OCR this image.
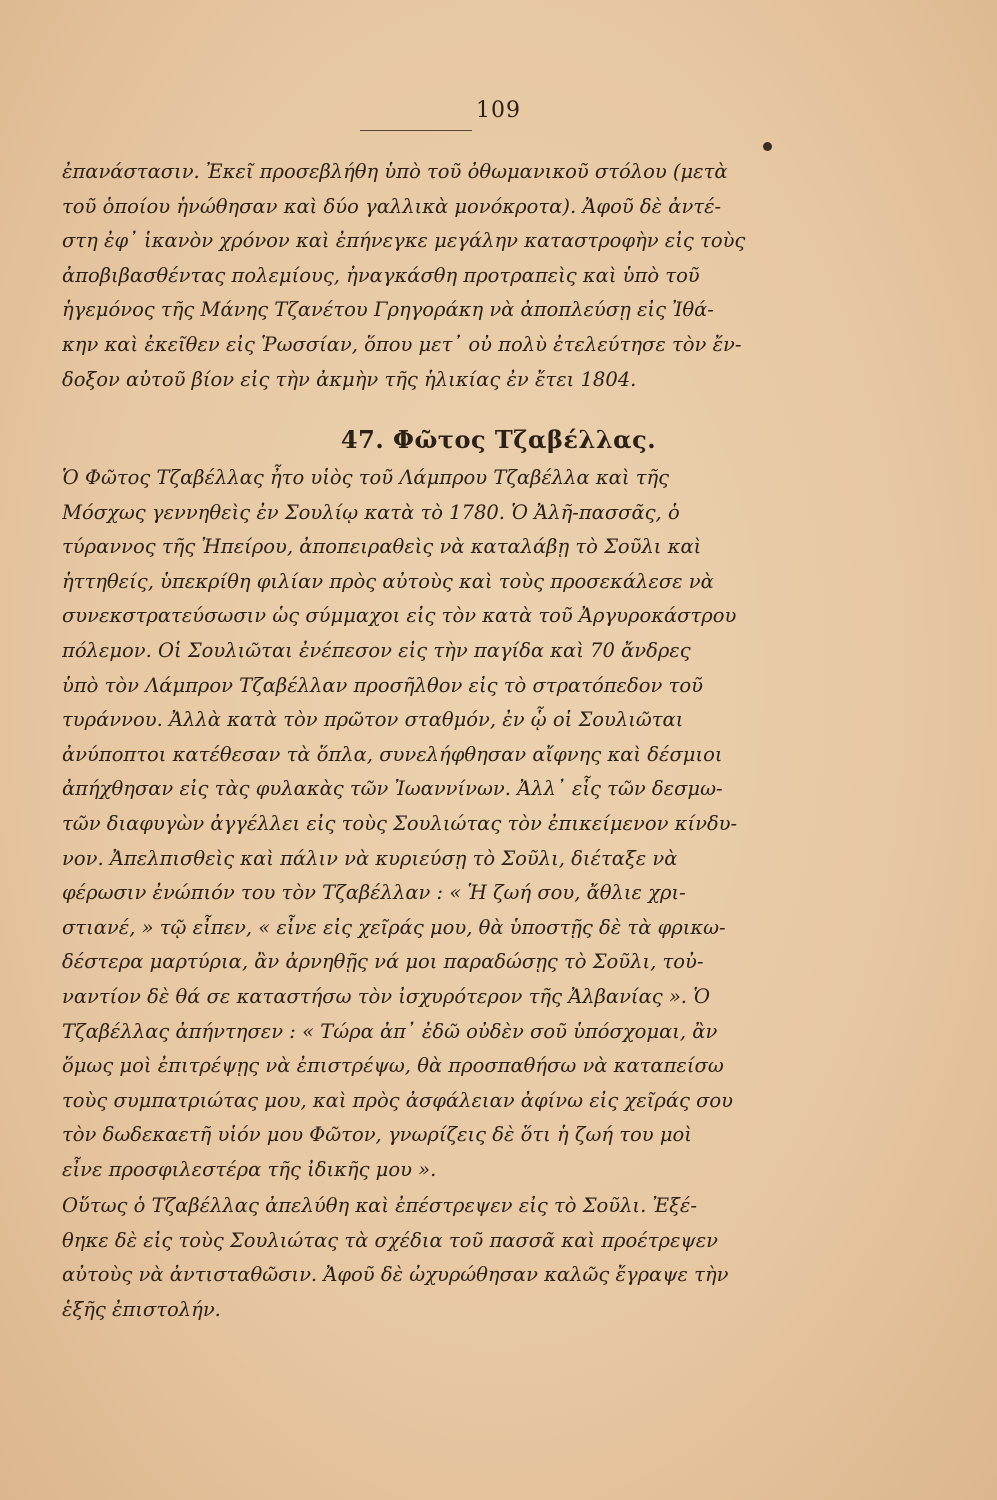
109
ἐπανάστασιν. Ἐκεῖ προσεβλήθη ὑπὸ τοῦ ὀθωμανικοῦ στόλου (μετὰ
τοῦ ὁποίου ἡνώθησαν καὶ δύο γαλλικὰ μονόκροτα). Ἀφοῦ δὲ ἀντέ-
στη ἐφ᾽ ἱκανὸν χρόνον καὶ ἐπήνεγκε μεγάλην καταστροφὴν εἰς τοὺς
ἀποβιβασθέντας πολεμίους, ἠναγκάσθη προτραπεὶς καὶ ὑπὸ τοῦ
ἡγεμόνος τῆς Μάνης Τζανέτου Γρηγοράκη νὰ ἀποπλεύσῃ εἰς Ἰθά-
κην καὶ ἐκεῖθεν εἰς Ῥωσσίαν, ὅπου μετ᾽ οὐ πολὺ ἐτελεύτησε τὸν ἔν-
δοξον αὐτοῦ βίον εἰς τὴν ἀκμὴν τῆς ἡλικίας ἐν ἔτει 1804.
47. Φῶτος Τζαβέλλας.
Ὁ Φῶτος Τζαβέλλας ἦτο υἱὸς τοῦ Λάμπρου Τζαβέλλα καὶ τῆς
Μόσχως γεννηθεὶς ἐν Σουλίῳ κατὰ τὸ 1780. Ὁ Ἀλῆ-πασσᾶς, ὁ
τύραννος τῆς Ἠπείρου, ἀποπειραθεὶς νὰ καταλάβῃ τὸ Σοῦλι καὶ
ἡττηθείς, ὑπεκρίθη φιλίαν πρὸς αὐτοὺς καὶ τοὺς προσεκάλεσε νὰ
συνεκστρατεύσωσιν ὡς σύμμαχοι εἰς τὸν κατὰ τοῦ Ἀργυροκάστρου
πόλεμον. Οἱ Σουλιῶται ἐνέπεσον εἰς τὴν παγίδα καὶ 70 ἄνδρες
ὑπὸ τὸν Λάμπρον Τζαβέλλαν προσῆλθον εἰς τὸ στρατόπεδον τοῦ
τυράννου. Ἀλλὰ κατὰ τὸν πρῶτον σταθμόν, ἐν ᾧ οἱ Σουλιῶται
ἀνύποπτοι κατέθεσαν τὰ ὅπλα, συνελήφθησαν αἴφνης καὶ δέσμιοι
ἀπήχθησαν εἰς τὰς φυλακὰς τῶν Ἰωαννίνων. Ἀλλ᾽ εἷς τῶν δεσμω-
τῶν διαφυγὼν ἀγγέλλει εἰς τοὺς Σουλιώτας τὸν ἐπικείμενον κίνδυ-
νον. Ἀπελπισθεὶς καὶ πάλιν νὰ κυριεύσῃ τὸ Σοῦλι, διέταξε νὰ
φέρωσιν ἐνώπιόν του τὸν Τζαβέλλαν : « Ἡ ζωή σου, ἄθλιε χρι-
στιανέ, » τῷ εἶπεν, « εἶνε εἰς χεῖράς μου, θὰ ὑποστῇς δὲ τὰ φρικω-
δέστερα μαρτύρια, ἂν ἀρνηθῇς νά μοι παραδώσῃς τὸ Σοῦλι, τοὐ-
ναντίον δὲ θά σε καταστήσω τὸν ἰσχυρότερον τῆς Ἀλβανίας ». Ὁ
Τζαβέλλας ἀπήντησεν : « Τώρα ἀπ᾽ ἐδῶ οὐδὲν σοῦ ὑπόσχομαι, ἂν
ὅμως μοὶ ἐπιτρέψῃς νὰ ἐπιστρέψω, θὰ προσπαθήσω νὰ καταπείσω
τοὺς συμπατριώτας μου, καὶ πρὸς ἀσφάλειαν ἀφίνω εἰς χεῖράς σου
τὸν δωδεκαετῆ υἱόν μου Φῶτον, γνωρίζεις δὲ ὅτι ἡ ζωή του μοὶ
εἶνε προσφιλεστέρα τῆς ἰδικῆς μου ».
Οὕτως ὁ Τζαβέλλας ἀπελύθη καὶ ἐπέστρεψεν εἰς τὸ Σοῦλι. Ἐξέ-
θηκε δὲ εἰς τοὺς Σουλιώτας τὰ σχέδια τοῦ πασσᾶ καὶ προέτρεψεν
αὐτοὺς νὰ ἀντισταθῶσιν. Ἀφοῦ δὲ ὠχυρώθησαν καλῶς ἔγραψε τὴν
ἑξῆς ἐπιστολήν.
